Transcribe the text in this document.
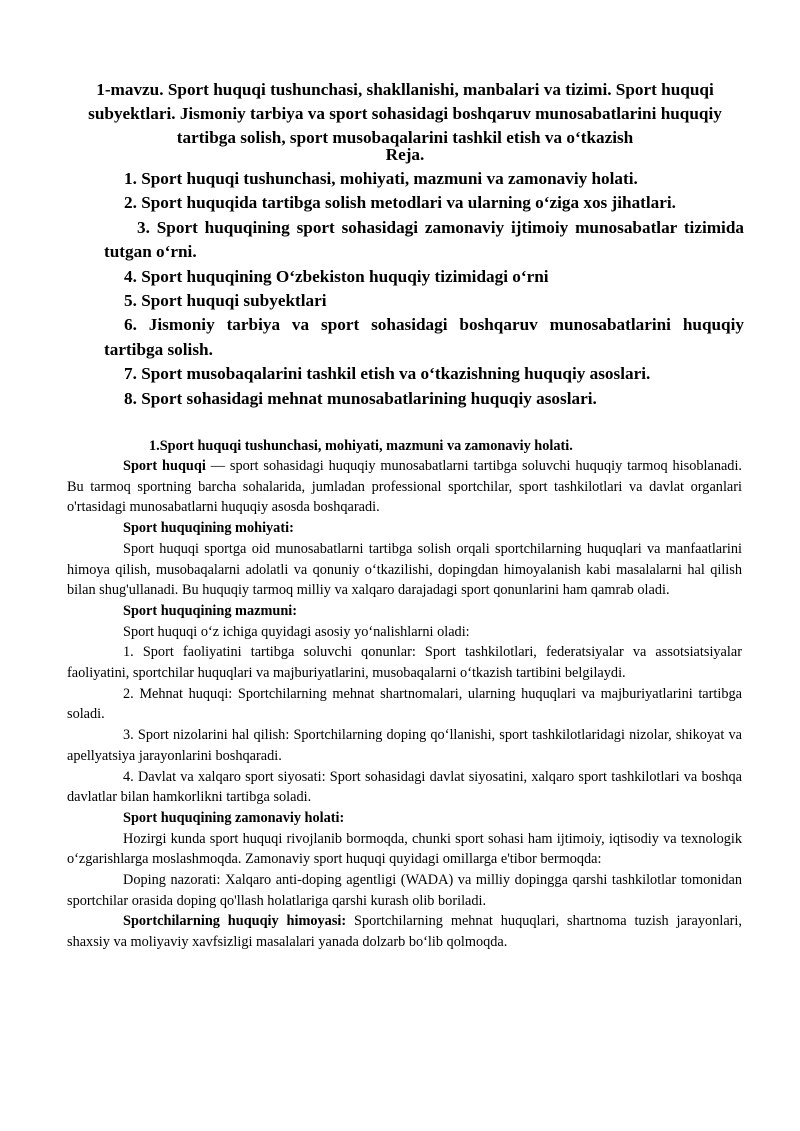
1-mavzu. Sport huquqi tushunchasi, shakllanishi, manbalari va tizimi. Sport huquqi subyektlari. Jismoniy tarbiya va sport sohasidagi boshqaruv munosabatlarini huquqiy tartibga solish, sport musobaqalarini tashkil etish va o‘tkazish
Reja.
1. Sport huquqi tushunchasi, mohiyati, mazmuni va zamonaviy holati.
2. Sport huquqida tartibga solish metodlari va ularning o‘ziga xos jihatlari.
3. Sport huquqining sport sohasidagi zamonaviy ijtimoiy munosabatlar tizimida tutgan o‘rni.
4. Sport huquqining O‘zbekiston huquqiy tizimidagi o‘rni
5. Sport huquqi subyektlari
6. Jismoniy tarbiya va sport sohasidagi boshqaruv munosabatlarini huquqiy tartibga solish.
7. Sport musobaqalarini tashkil etish va o‘tkazishning huquqiy asoslari.
8. Sport sohasidagi mehnat munosabatlarining huquqiy asoslari.
1.Sport huquqi tushunchasi, mohiyati, mazmuni va zamonaviy holati.

Sport huquqi — sport sohasidagi huquqiy munosabatlarni tartibga soluvchi huquqiy tarmoq hisoblanadi. Bu tarmoq sportning barcha sohalarida, jumladan professional sportchilar, sport tashkilotlari va davlat organlari o'rtasidagi munosabatlarni huquqiy asosda boshqaradi.

Sport huquqining mohiyati:

Sport huquqi sportga oid munosabatlarni tartibga solish orqali sportchilarning huquqlari va manfaatlarini himoya qilish, musobaqalarni adolatli va qonuniy o‘tkazilishi, dopingdan himoyalanish kabi masalalarni hal qilish bilan shug'ullanadi. Bu huquqiy tarmoq milliy va xalqaro darajadagi sport qonunlarini ham qamrab oladi.

Sport huquqining mazmuni:

Sport huquqi o‘z ichiga quyidagi asosiy yo‘nalishlarni oladi:

1. Sport faoliyatini tartibga soluvchi qonunlar: Sport tashkilotlari, federatsiyalar va assotsiatsiyalar faoliyatini, sportchilar huquqlari va majburiyatlarini, musobaqalarni o‘tkazish tartibini belgilaydi.

2. Mehnat huquqi: Sportchilarning mehnat shartnomalari, ularning huquqlari va majburiyatlarini tartibga soladi.

3. Sport nizolarini hal qilish: Sportchilarning doping qo‘llanishi, sport tashkilotlaridagi nizolar, shikoyat va apellyatsiya jarayonlarini boshqaradi.

4. Davlat va xalqaro sport siyosati: Sport sohasidagi davlat siyosatini, xalqaro sport tashkilotlari va boshqa davlatlar bilan hamkorlikni tartibga soladi.

Sport huquqining zamonaviy holati:

Hozirgi kunda sport huquqi rivojlanib bormoqda, chunki sport sohasi ham ijtimoiy, iqtisodiy va texnologik o‘zgarishlarga moslashmoqda. Zamonaviy sport huquqi quyidagi omillarga e'tibor bermoqda:

Doping nazorati: Xalqaro anti-doping agentligi (WADA) va milliy dopingga qarshi tashkilotlar tomonidan sportchilar orasida doping qo'llash holatlariga qarshi kurash olib boriladi.

Sportchilarning huquqiy himoyasi: Sportchilarning mehnat huquqlari, shartnoma tuzish jarayonlari, shaxsiy va moliyaviy xavfsizligi masalalari yanada dolzarb bo‘lib qolmoqda.
